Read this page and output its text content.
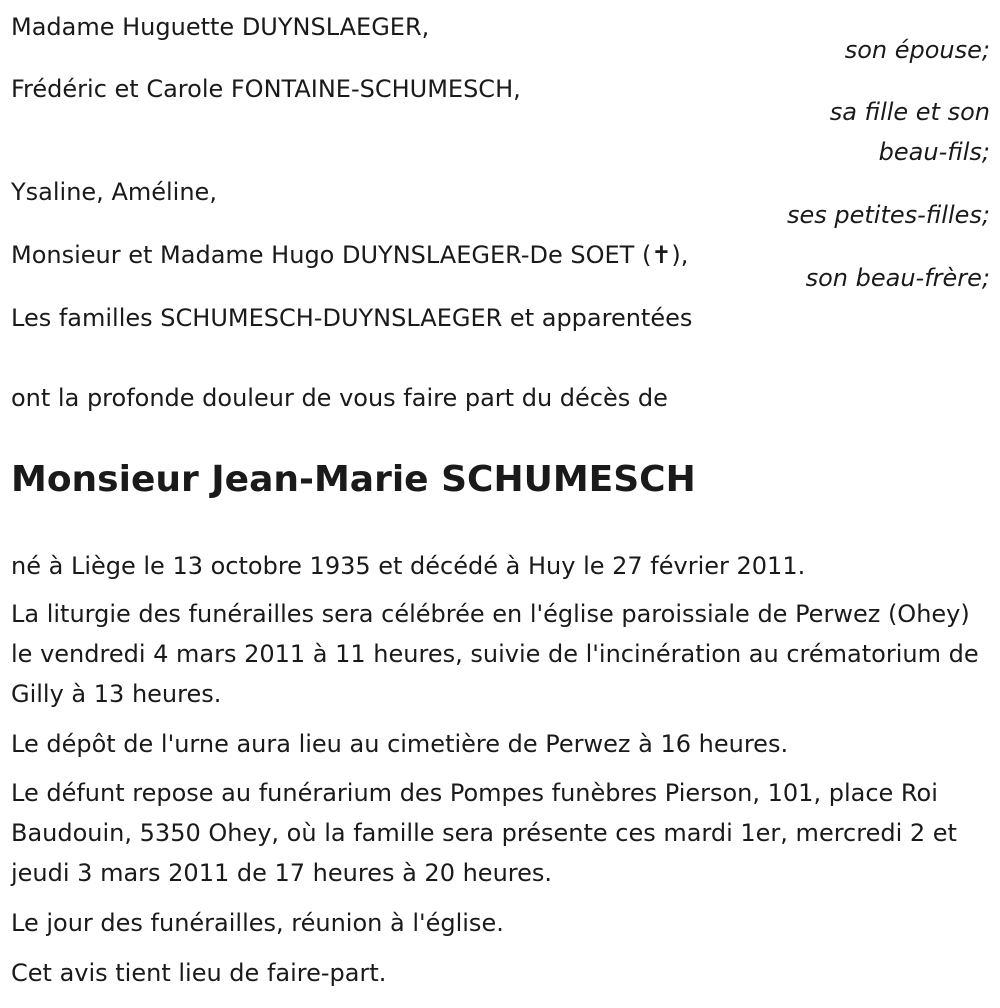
Madame Huguette DUYNSLAEGER,
son épouse;
Frédéric et Carole FONTAINE-SCHUMESCH,
sa fille et son
beau-fils;
Ysaline, Améline,
ses petites-filles;
Monsieur et Madame Hugo DUYNSLAEGER-De SOET (✝),
son beau-frère;
Les familles SCHUMESCH-DUYNSLAEGER et apparentées
ont la profonde douleur de vous faire part du décès de
Monsieur Jean-Marie SCHUMESCH
né à Liège le 13 octobre 1935 et décédé à Huy le 27 février 2011.
La liturgie des funérailles sera célébrée en l'église paroissiale de Perwez (Ohey) le vendredi 4 mars 2011 à 11 heures, suivie de l'incinération au crématorium de Gilly à 13 heures.
Le dépôt de l'urne aura lieu au cimetière de Perwez à 16 heures.
Le défunt repose au funérarium des Pompes funèbres Pierson, 101, place Roi Baudouin, 5350 Ohey, où la famille sera présente ces mardi 1er, mercredi 2 et jeudi 3 mars 2011 de 17 heures à 20 heures.
Le jour des funérailles, réunion à l'église.
Cet avis tient lieu de faire-part.
